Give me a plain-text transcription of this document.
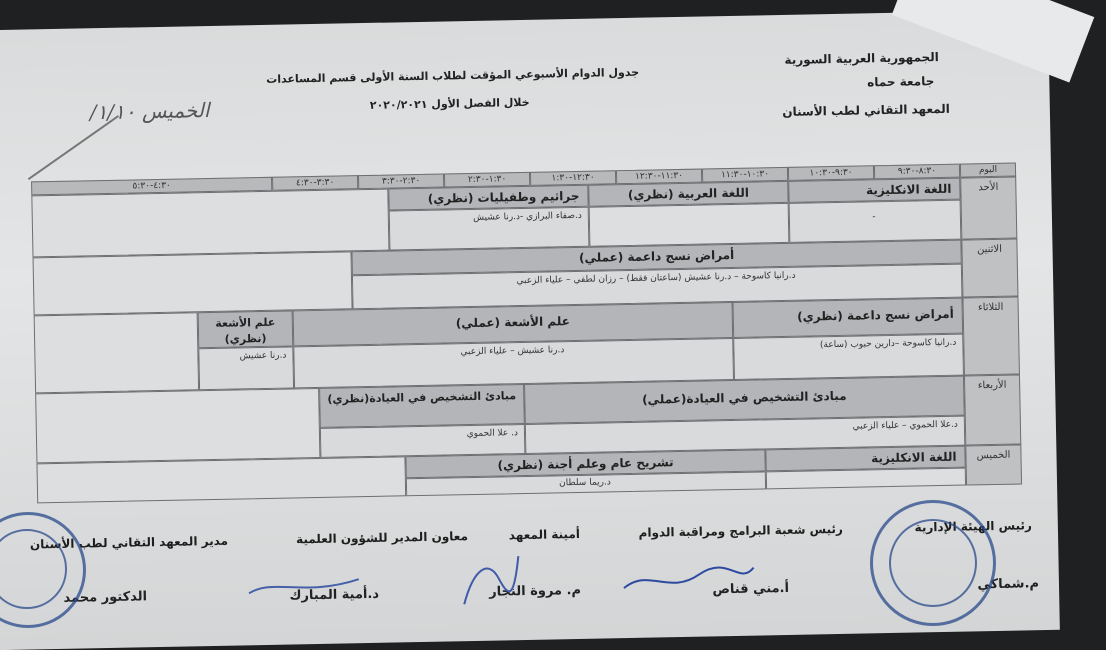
الجمهورية العربية السورية
جامعة حماه
المعهد التقاني لطب الأسنان
جدول الدوام الأسبوعي المؤقت لطلاب السنة الأولى قسم المساعدات
خلال الفصل الأول ٢٠٢٠/٢٠٢١
الخميس ١/١٠/
اليوم
٨:٣٠-٩:٣٠
٩:٣٠-١٠:٣٠
١٠:٣٠-١١:٣٠
١١:٣٠-١٢:٣٠
١٢:٣٠-١:٣٠
١:٣٠-٢:٣٠
٢:٣٠-٣:٣٠
٣:٣٠-٤:٣٠
٤:٣٠-٥:٣٠	الأحد
اللغة الانكليزية
-
اللغة العربية (نظري)
جراثيم وطفيليات (نظري)
د.صفاء البرازي -د.رنا عشيش
الاثنين
أمراض نسج داعمة (عملي)
د.رانيا كاسوحة – د.رنا عشيش (ساعتان فقط) – رزان لطفي – علياء الزعبي
الثلاثاء
أمراض نسج داعمة (نظري)
د.رانيا كاسوحة –دارين حبوب (ساعة)
علم الأشعة (عملي)
د.رنا عشيش – علياء الزعبي
علم الأشعة (نظري)
د.رنا عشيش
الأربعاء
مبادئ التشخيص في العيادة(عملي)
د.علا الحموي – علياء الزعبي
مبادئ التشخيص في العيادة(نظري)
د. علا الحموي
الخميس
اللغة الانكليزية
تشريح عام وعلم أجنة (نظري)
د.ريما سلطان
رئيس الهيئة الإدارية
رئيس شعبة البرامج ومراقبة الدوام
أمينة المعهد
معاون المدير للشؤون العلمية
مدير المعهد التقاني لطب الأسنان
م.شماكي
أ.مني قناص
م. مروة النجار
د.أمية المبارك
الدكتور محمد
